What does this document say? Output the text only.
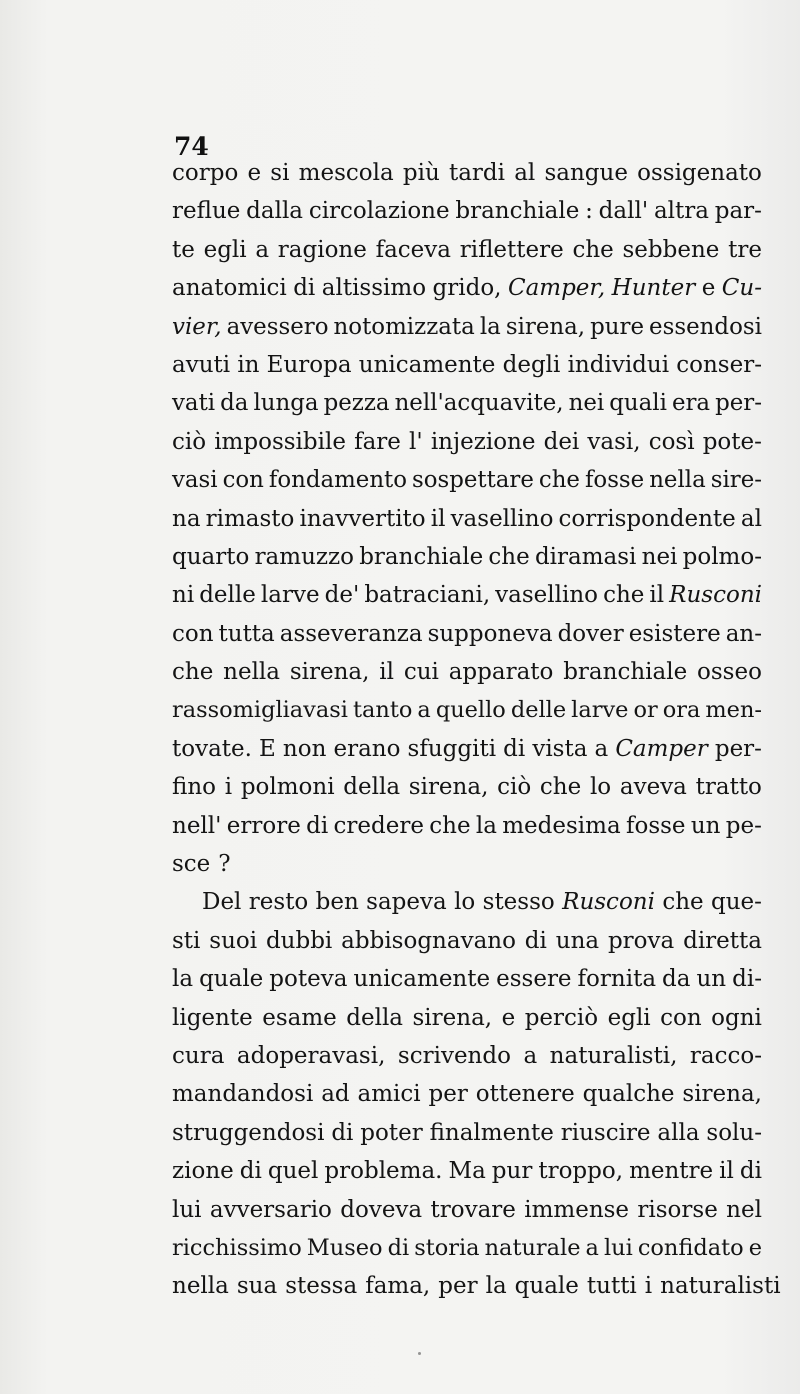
74
corpo e si mescola più tardi al sangue ossigenato
reflue dalla circolazione branchiale : dall' altra par-
te egli a ragione faceva riflettere che sebbene tre
anatomici di altissimo grido, Camper, Hunter e Cu-
vier, avessero notomizzata la sirena, pure essendosi
avuti in Europa unicamente degli individui conser-
vati da lunga pezza nell'acquavite, nei quali era per-
ciò impossibile fare l' injezione dei vasi, così pote-
vasi con fondamento sospettare che fosse nella sire-
na rimasto inavvertito il vasellino corrispondente al
quarto ramuzzo branchiale che diramasi nei polmo-
ni delle larve de' batraciani, vasellino che il Rusconi
con tutta asseveranza supponeva dover esistere an-
che nella sirena, il cui apparato branchiale osseo
rassomigliavasi tanto a quello delle larve or ora men-
tovate. E non erano sfuggiti di vista a Camper per-
fino i polmoni della sirena, ciò che lo aveva tratto
nell' errore di credere che la medesima fosse un pe-
sce ?
Del resto ben sapeva lo stesso Rusconi che que-
sti suoi dubbi abbisognavano di una prova diretta
la quale poteva unicamente essere fornita da un di-
ligente esame della sirena, e perciò egli con ogni
cura adoperavasi, scrivendo a naturalisti, racco-
mandandosi ad amici per ottenere qualche sirena,
struggendosi di poter finalmente riuscire alla solu-
zione di quel problema. Ma pur troppo, mentre il di
lui avversario doveva trovare immense risorse nel
ricchissimo Museo di storia naturale a lui confidato e
nella sua stessa fama, per la quale tutti i naturalisti
